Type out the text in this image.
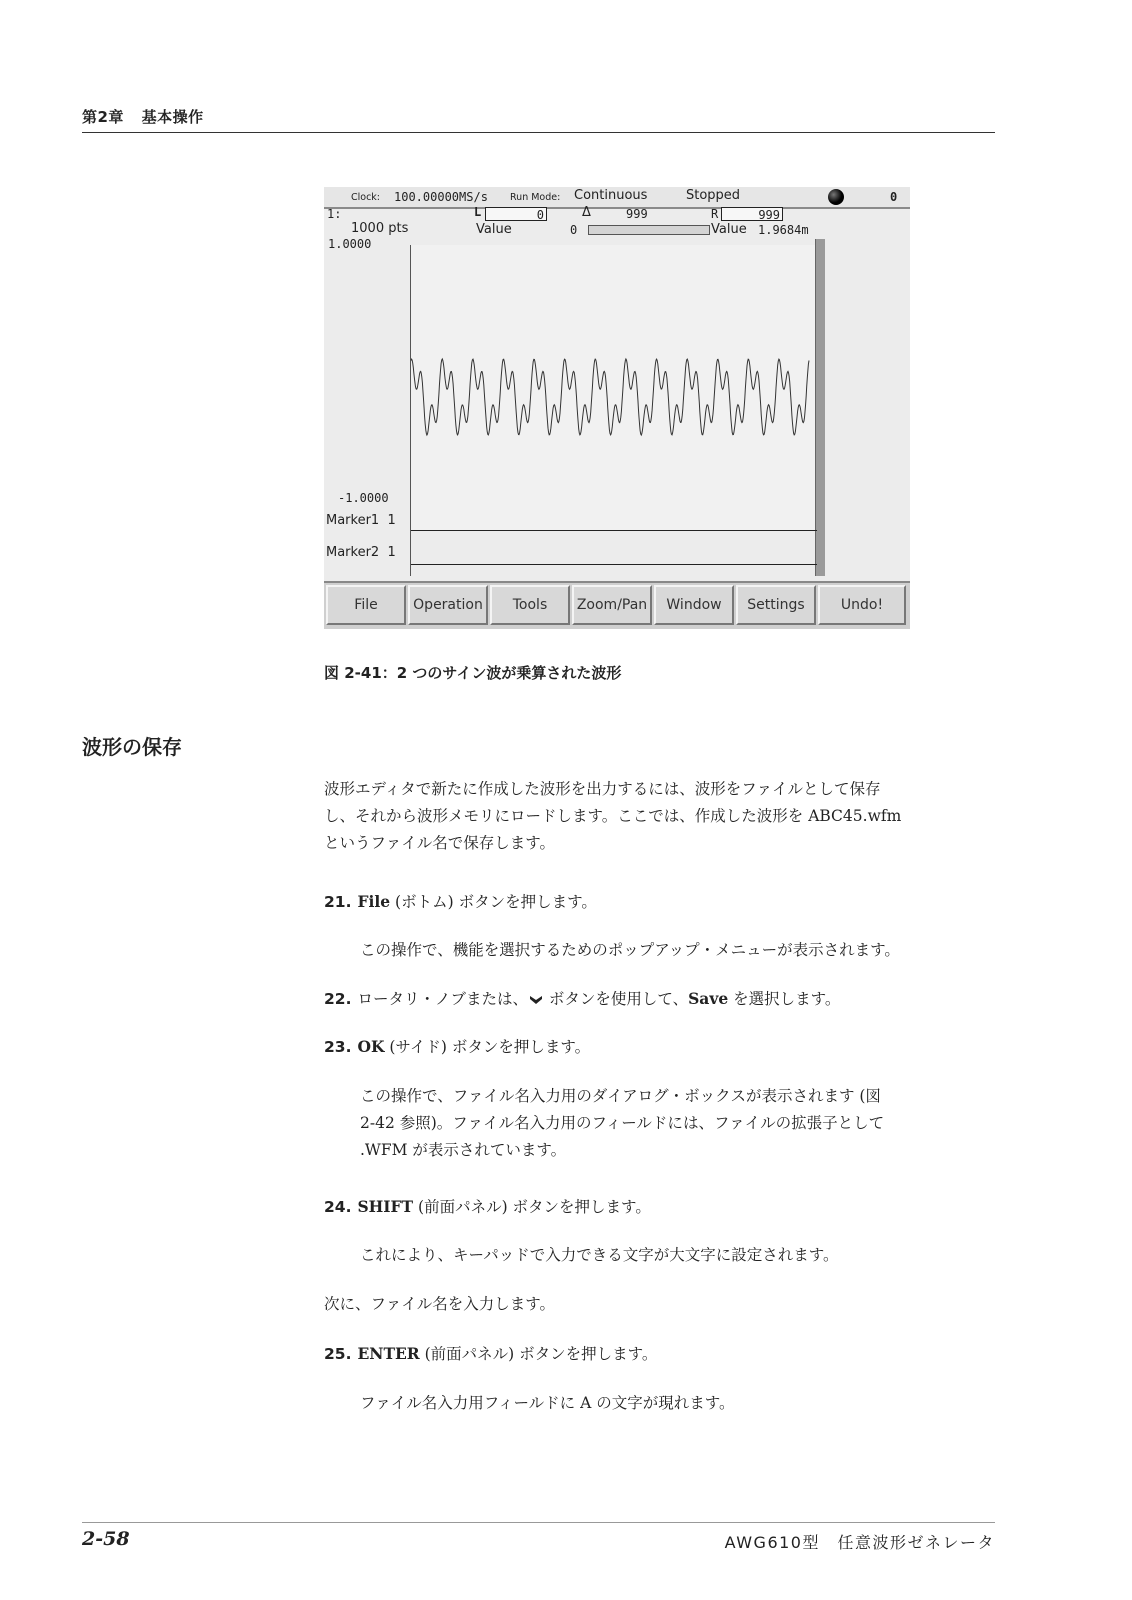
第2章 基本操作
Clock: 100.00000MS/s Run Mode: Continuous	Stopped	0
1:
1000 pts
1.0000
L	0	Δ	999	R	999
Value	0	Value 1.9684m
-1.0000
Marker1 1
Marker2 1
File	Operation	Tools	Zoom/Pan	Window	Settings	Undo!
図 2-41：2 つのサイン波が乗算された波形
波形の保存
波形エディタで新たに作成した波形を出力するには、波形をファイルとして保存
し、それから波形メモリにロードします。ここでは、作成した波形を ABC45.wfm
というファイル名で保存します。
21. File (ボトム) ボタンを押します。
この操作で、機能を選択するためのポップアップ・メニューが表示されます。
22. ロータリ・ノブまたは、 ボタンを使用して、Save を選択します。
23. OK (サイド) ボタンを押します。
この操作で、ファイル名入力用のダイアログ・ボックスが表示されます (図
2-42 参照)。ファイル名入力用のフィールドには、ファイルの拡張子として
.WFM が表示されています。
24. SHIFT (前面パネル) ボタンを押します。
これにより、キーパッドで入力できる文字が大文字に設定されます。
次に、ファイル名を入力します。
25. ENTER (前面パネル) ボタンを押します。
ファイル名入力用フィールドに A の文字が現れます。
2-58	AWG610型　任意波形ゼネレータ
